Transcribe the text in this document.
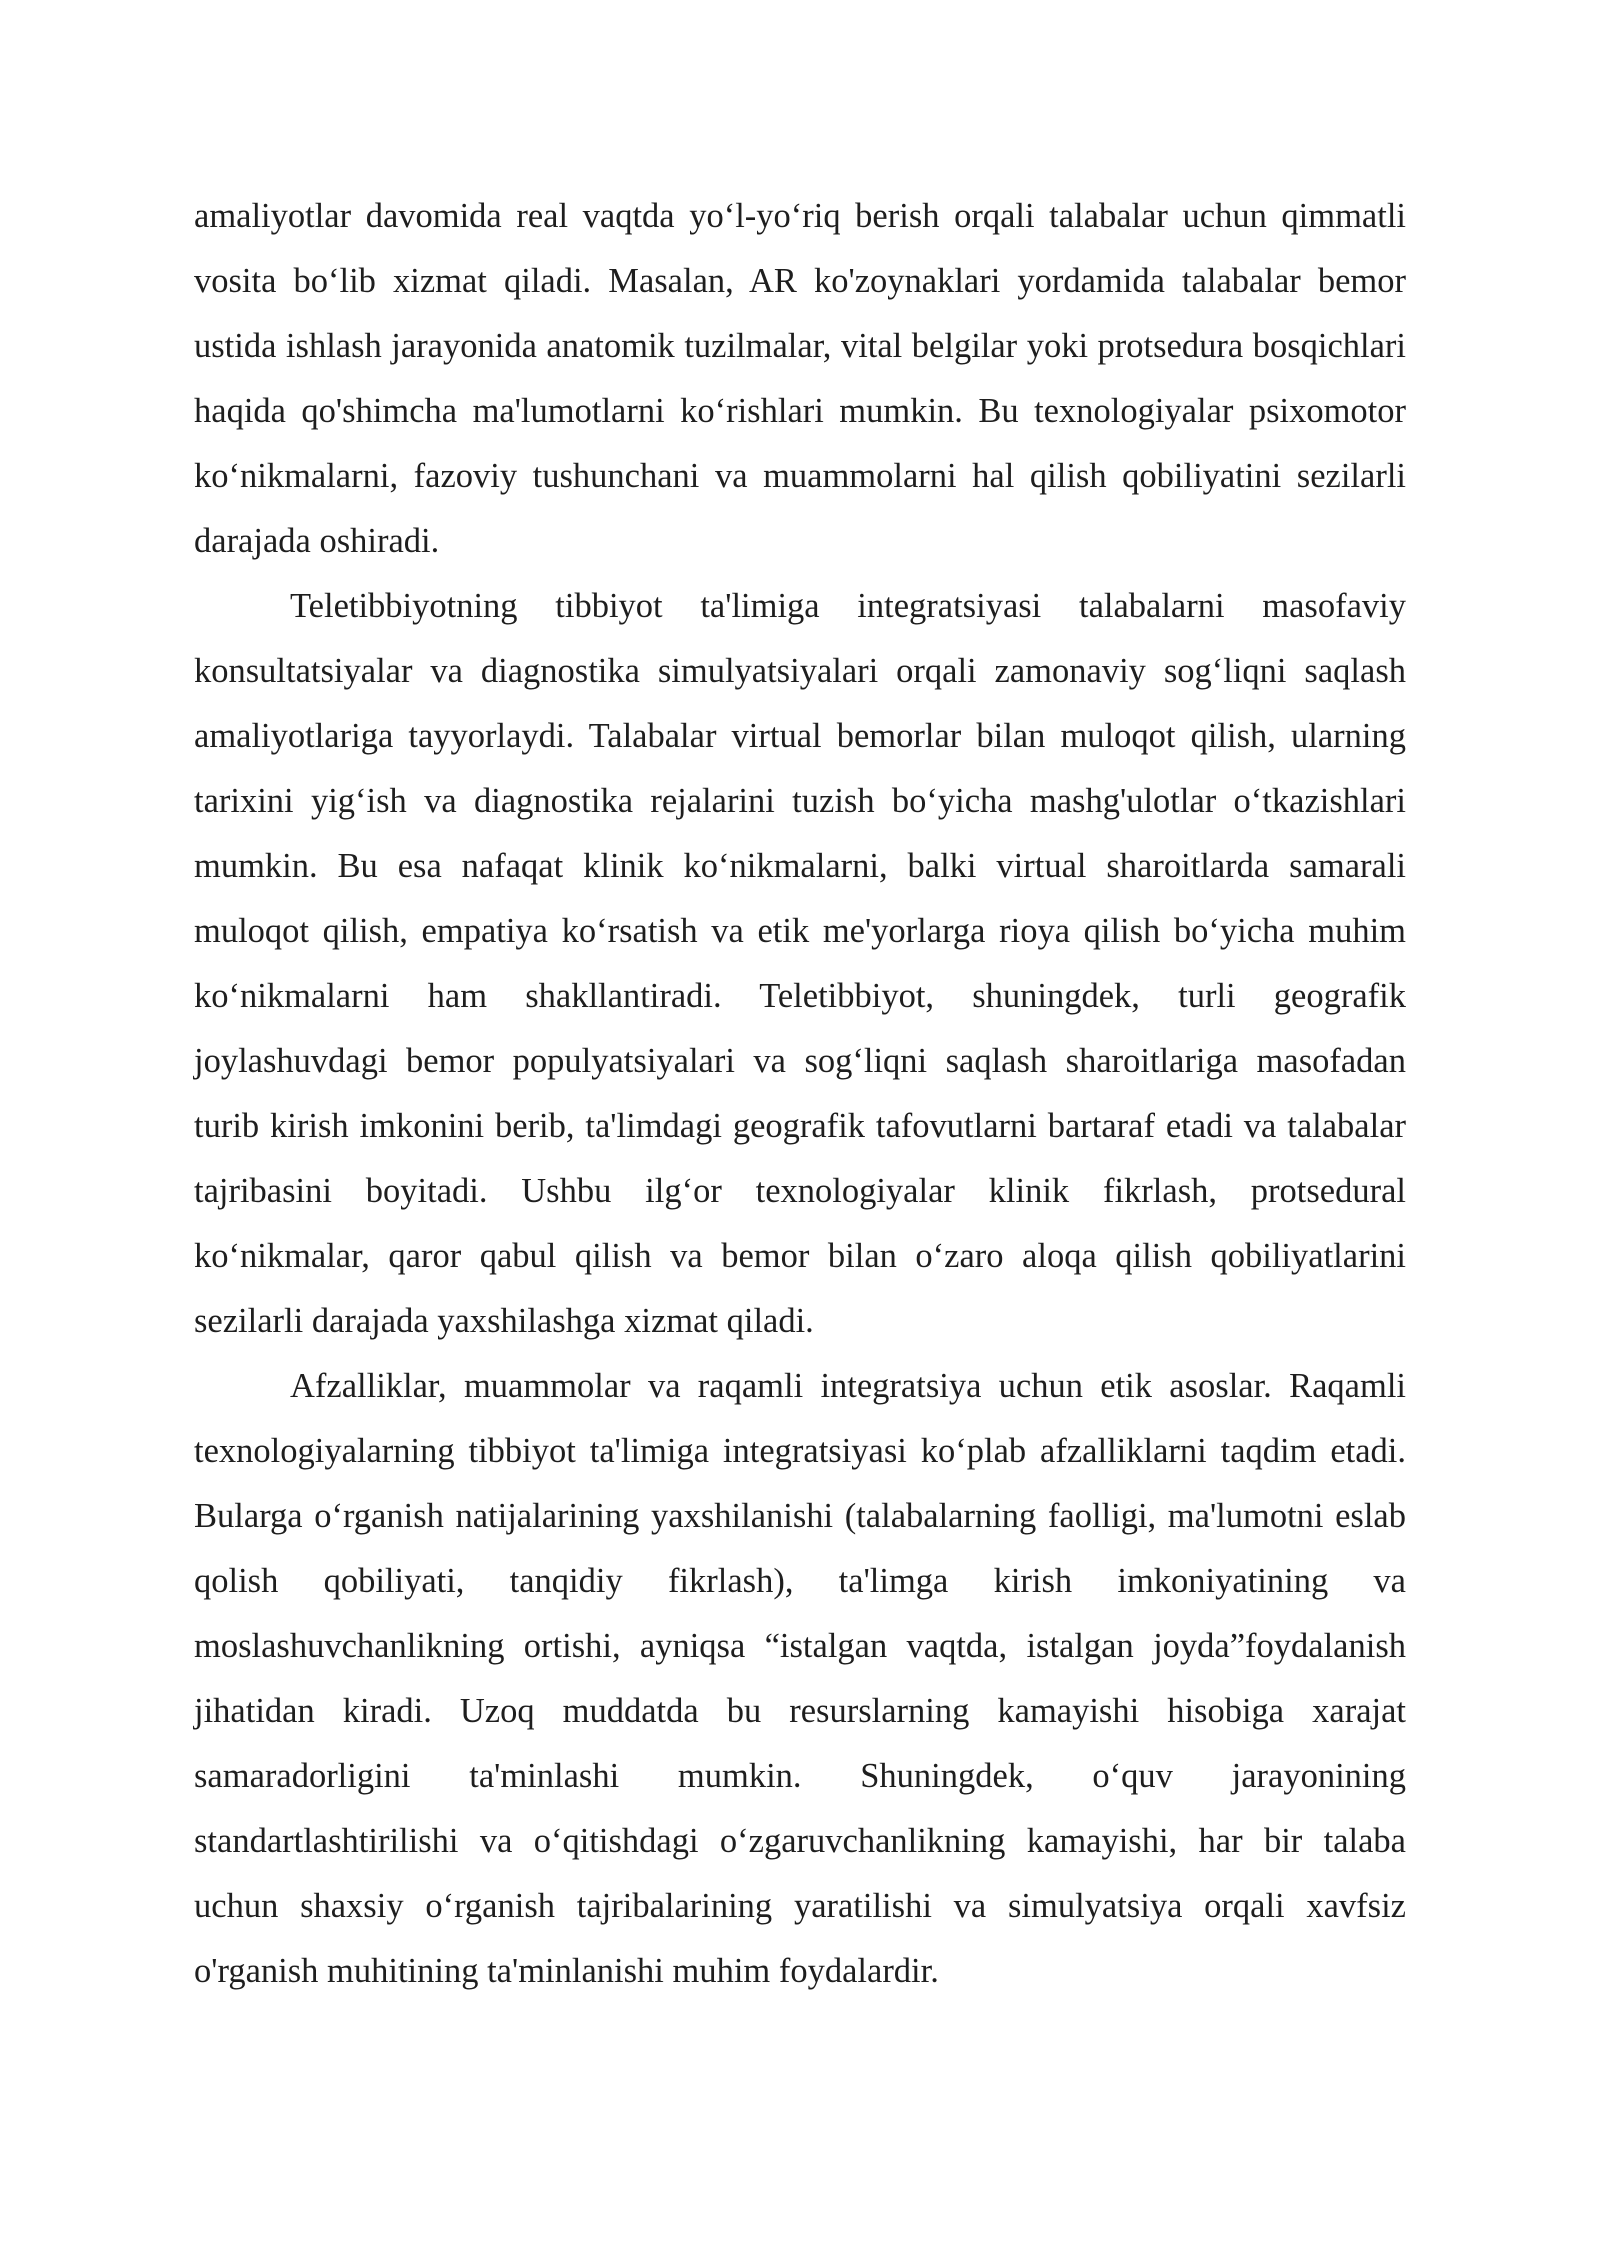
amaliyotlar davomida real vaqtda yo‘l-yo‘riq berish orqali talabalar uchun qimmatli vosita bo‘lib xizmat qiladi. Masalan, AR ko'zoynaklari yordamida talabalar bemor ustida ishlash jarayonida anatomik tuzilmalar, vital belgilar yoki protsedura bosqichlari haqida qo'shimcha ma'lumotlarni ko‘rishlari mumkin. Bu texnologiyalar psixomotor ko‘nikmalarni, fazoviy tushunchani va muammolarni hal qilish qobiliyatini sezilarli darajada oshiradi.

Teletibbiyotning tibbiyot ta'limiga integratsiyasi talabalarni masofaviy konsultatsiyalar va diagnostika simulyatsiyalari orqali zamonaviy sog‘liqni saqlash amaliyotlariga tayyorlaydi. Talabalar virtual bemorlar bilan muloqot qilish, ularning tarixini yig‘ish va diagnostika rejalarini tuzish bo‘yicha mashg'ulotlar o‘tkazishlari mumkin. Bu esa nafaqat klinik ko‘nikmalarni, balki virtual sharoitlarda samarali muloqot qilish, empatiya ko‘rsatish va etik me'yorlarga rioya qilish bo‘yicha muhim ko‘nikmalarni ham shakllantiradi. Teletibbiyot, shuningdek, turli geografik joylashuvdagi bemor populyatsiyalari va sog‘liqni saqlash sharoitlariga masofadan turib kirish imkonini berib, ta'limdagi geografik tafovutlarni bartaraf etadi va talabalar tajribasini boyitadi. Ushbu ilg‘or texnologiyalar klinik fikrlash, protsedural ko‘nikmalar, qaror qabul qilish va bemor bilan o‘zaro aloqa qilish qobiliyatlarini sezilarli darajada yaxshilashga xizmat qiladi.

Afzalliklar, muammolar va raqamli integratsiya uchun etik asoslar. Raqamli texnologiyalarning tibbiyot ta'limiga integratsiyasi ko‘plab afzalliklarni taqdim etadi. Bularga o‘rganish natijalarining yaxshilanishi (talabalarning faolligi, ma'lumotni eslab qolish qobiliyati, tanqidiy fikrlash), ta'limga kirish imkoniyatining va moslashuvchanlikning ortishi, ayniqsa “istalgan vaqtda, istalgan joyda”foydalanish jihatidan kiradi. Uzoq muddatda bu resurslarning kamayishi hisobiga xarajat samaradorligini ta'minlashi mumkin. Shuningdek, o‘quv jarayonining standartlashtirilishi va o‘qitishdagi o‘zgaruvchanlikning kamayishi, har bir talaba uchun shaxsiy o‘rganish tajribalarining yaratilishi va simulyatsiya orqali xavfsiz o'rganish muhitining ta'minlanishi muhim foydalardir.
